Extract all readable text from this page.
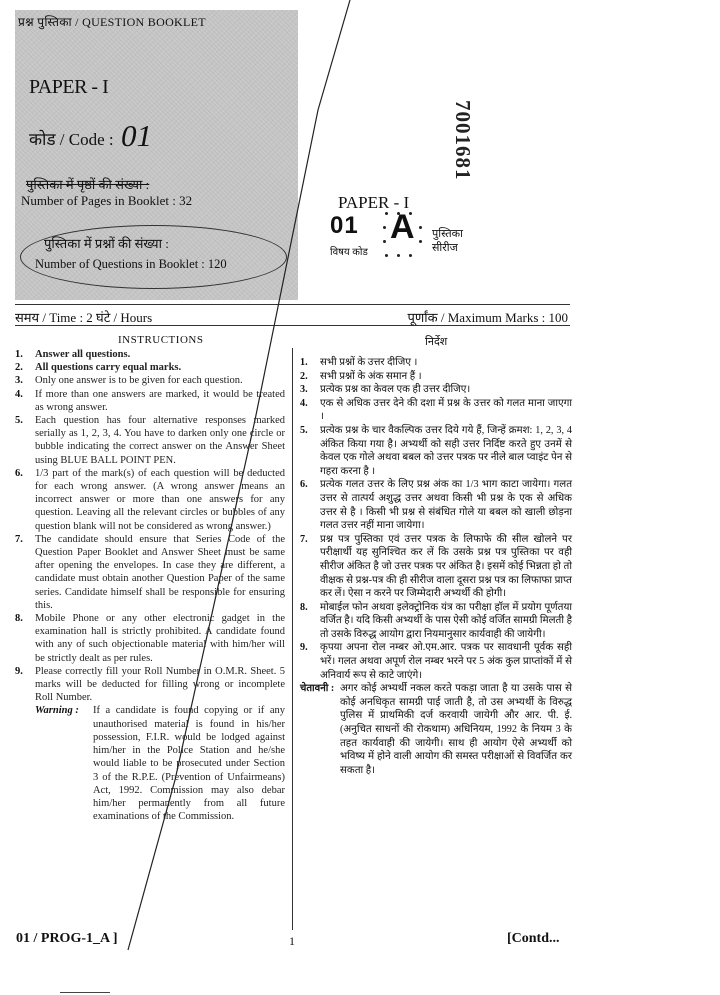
प्रश्न पुस्तिका / QUESTION BOOKLET
PAPER - I
कोड / Code : 01
पुस्तिका में पृष्ठों की संख्या :
Number of Pages in Booklet : 32
पुस्तिका में प्रश्नों की संख्या :
Number of Questions in Booklet : 120
7001681
PAPER - I
01 A पुस्तिका
सीरीज
विषय कोड
समय / Time : 2 घंटे / Hours	पूर्णांक / Maximum Marks : 100
INSTRUCTIONS	निर्देश
1.	Answer all questions.
2.	All questions carry equal marks.
3.	Only one answer is to be given for each question.
4.	If more than one answers are marked, it would be treated as wrong answer.
5.	Each question has four alternative responses marked serially as 1, 2, 3, 4. You have to darken only one circle or bubble indicating the correct answer on the Answer Sheet using BLUE BALL POINT PEN.
6.	1/3 part of the mark(s) of each question will be deducted for each wrong answer. (A wrong answer means an incorrect answer or more than one answers for any question. Leaving all the relevant circles or bubbles of any question blank will not be considered as wrong answer.)
7.	The candidate should ensure that Series Code of the Question Paper Booklet and Answer Sheet must be same after opening the envelopes. In case they are different, a candidate must obtain another Question Paper of the same series. Candidate himself shall be responsible for ensuring this.
8.	Mobile Phone or any other electronic gadget in the examination hall is strictly prohibited. A candidate found with any of such objectionable material with him/her will be strictly dealt as per rules.
9.	Please correctly fill your Roll Number in O.M.R. Sheet. 5 marks will be deducted for filling wrong or incomplete Roll Number.
Warning :	If a candidate is found copying or if any unauthorised material is found in his/her possession, F.I.R. would be lodged against him/her in the Police Station and he/she would liable to be prosecuted under Section 3 of the R.P.E. (Prevention of Unfairmeans) Act, 1992. Commission may also debar him/her permanently from all future examinations of the Commission.
1.	सभी प्रश्नों के उत्तर दीजिए ।
2.	सभी प्रश्नों के अंक समान हैं ।
3.	प्रत्येक प्रश्न का केवल एक ही उत्तर दीजिए।
4.	एक से अधिक उत्तर देने की दशा में प्रश्न के उत्तर को गलत माना जाएगा ।
5.	प्रत्येक प्रश्न के चार वैकल्पिक उत्तर दिये गये हैं, जिन्हें क्रमश: 1, 2, 3, 4 अंकित किया गया है। अभ्यर्थी को सही उत्तर निर्दिष्ट करते हुए उनमें से केवल एक गोले अथवा बबल को उत्तर पत्रक पर नीले बाल प्वाइंट पेन से गहरा करना है ।
6.	प्रत्येक गलत उत्तर के लिए प्रश्न अंक का 1/3 भाग काटा जायेगा। गलत उत्तर से तात्पर्य अशुद्ध उत्तर अथवा किसी भी प्रश्न के एक से अधिक उत्तर से है । किसी भी प्रश्न से संबंधित गोले या बबल को खाली छोड़ना गलत उत्तर नहीं माना जायेगा।
7.	प्रश्न पत्र पुस्तिका एवं उत्तर पत्रक के लिफाफे की सील खोलने पर परीक्षार्थी यह सुनिश्चित कर लें कि उसके प्रश्न पत्र पुस्तिका पर वही सीरीज अंकित है जो उत्तर पत्रक पर अंकित है। इसमें कोई भिन्नता हो तो वीक्षक से प्रश्न-पत्र की ही सीरीज वाला दूसरा प्रश्न पत्र का लिफाफा प्राप्त कर लें। ऐसा न करने पर जिम्मेदारी अभ्यर्थी की होगी।
8.	मोबाईल फोन अथवा इलेक्ट्रोनिक यंत्र का परीक्षा हॉल में प्रयोग पूर्णतया वर्जित है। यदि किसी अभ्यर्थी के पास ऐसी कोई वर्जित सामग्री मिलती है तो उसके विरुद्ध आयोग द्वारा नियमानुसार कार्यवाही की जायेगी।
9.	कृपया अपना रोल नम्बर ओ.एम.आर. पत्रक पर सावधानी पूर्वक सही भरें। गलत अथवा अपूर्ण रोल नम्बर भरने पर 5 अंक कुल प्राप्तांकों में से अनिवार्य रूप से काटे जाएंगे।
चेतावनी : अगर कोई अभ्यर्थी नकल करते पकड़ा जाता है या उसके पास से कोई अनधिकृत सामग्री पाई जाती है, तो उस अभ्यर्थी के विरुद्ध पुलिस में प्राथमिकी दर्ज करवायी जायेगी और आर. पी. ई. (अनुचित साधनों की रोकथाम) अधिनियम, 1992 के नियम 3 के तहत कार्यवाही की जायेगी। साथ ही आयोग ऐसे अभ्यर्थी को भविष्य में होने वाली आयोग की समस्त परीक्षाओं से विवर्जित कर सकता है।
01 / PROG-1_A ]	1	[Contd...
